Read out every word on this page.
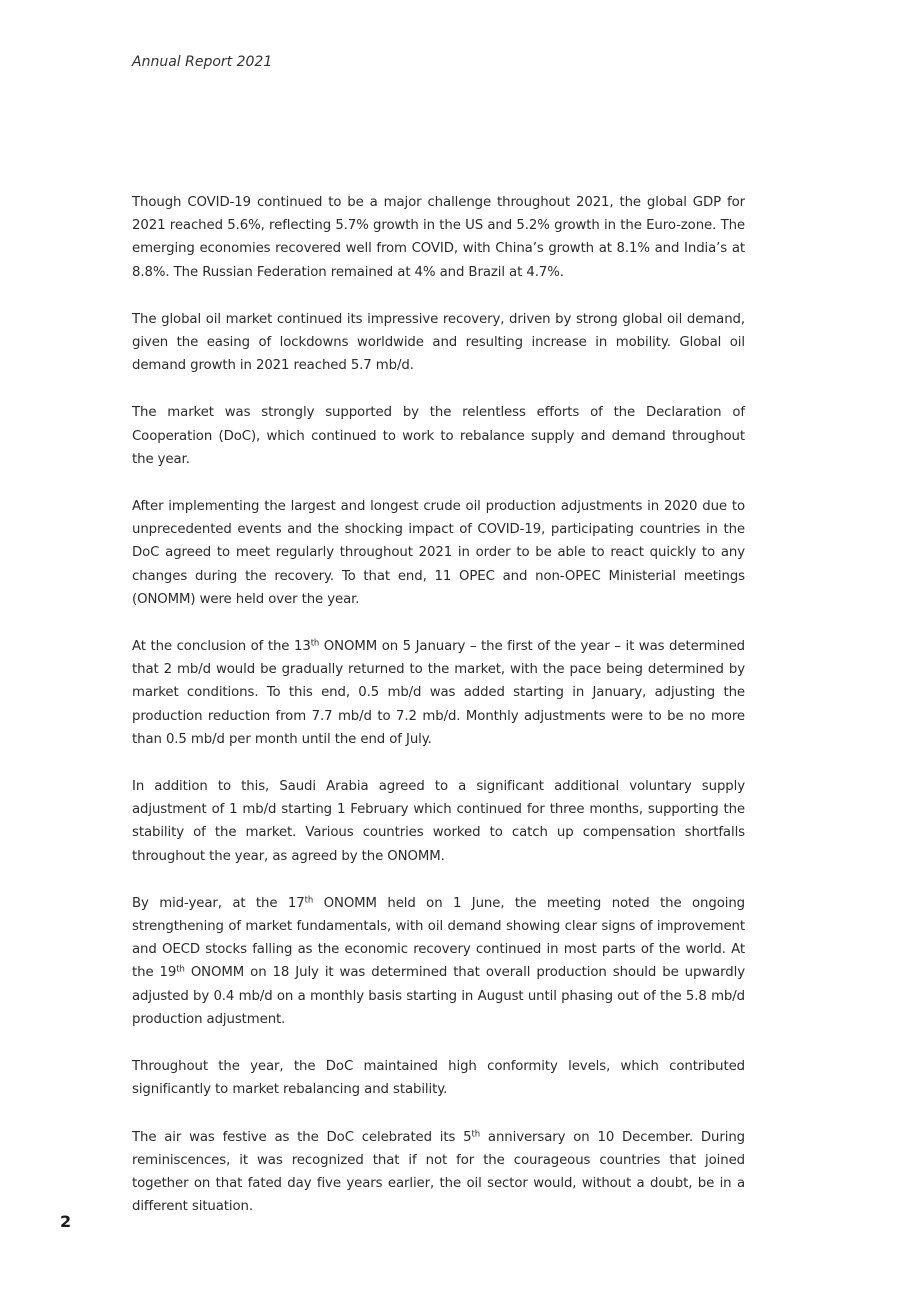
Annual Report 2021

Though COVID-19 continued to be a major challenge throughout 2021, the global GDP for 2021 reached 5.6%, reflecting 5.7% growth in the US and 5.2% growth in the Euro-zone. The emerging economies recovered well from COVID, with China’s growth at 8.1% and India’s at 8.8%. The Russian Federation remained at 4% and Brazil at 4.7%.

The global oil market continued its impressive recovery, driven by strong global oil demand, given the easing of lockdowns worldwide and resulting increase in mobility. Global oil demand growth in 2021 reached 5.7 mb/d.

The market was strongly supported by the relentless efforts of the Declaration of Cooperation (DoC), which continued to work to rebalance supply and demand throughout the year.

After implementing the largest and longest crude oil production adjustments in 2020 due to unprecedented events and the shocking impact of COVID-19, participating countries in the DoC agreed to meet regularly throughout 2021 in order to be able to react quickly to any changes during the recovery. To that end, 11 OPEC and non-OPEC Ministerial meetings (ONOMM) were held over the year.

At the conclusion of the 13th ONOMM on 5 January – the first of the year – it was determined that 2 mb/d would be gradually returned to the market, with the pace being determined by market conditions. To this end, 0.5 mb/d was added starting in January, adjusting the production reduction from 7.7 mb/d to 7.2 mb/d. Monthly adjustments were to be no more than 0.5 mb/d per month until the end of July.

In addition to this, Saudi Arabia agreed to a significant additional voluntary supply adjustment of 1 mb/d starting 1 February which continued for three months, supporting the stability of the market. Various countries worked to catch up compensation shortfalls throughout the year, as agreed by the ONOMM.

By mid-year, at the 17th ONOMM held on 1 June, the meeting noted the ongoing strengthening of market fundamentals, with oil demand showing clear signs of improvement and OECD stocks falling as the economic recovery continued in most parts of the world. At the 19th ONOMM on 18 July it was determined that overall production should be upwardly adjusted by 0.4 mb/d on a monthly basis starting in August until phasing out of the 5.8 mb/d production adjustment.

Throughout the year, the DoC maintained high conformity levels, which contributed significantly to market rebalancing and stability.

The air was festive as the DoC celebrated its 5th anniversary on 10 December. During reminiscences, it was recognized that if not for the courageous countries that joined together on that fated day five years earlier, the oil sector would, without a doubt, be in a different situation.

2
